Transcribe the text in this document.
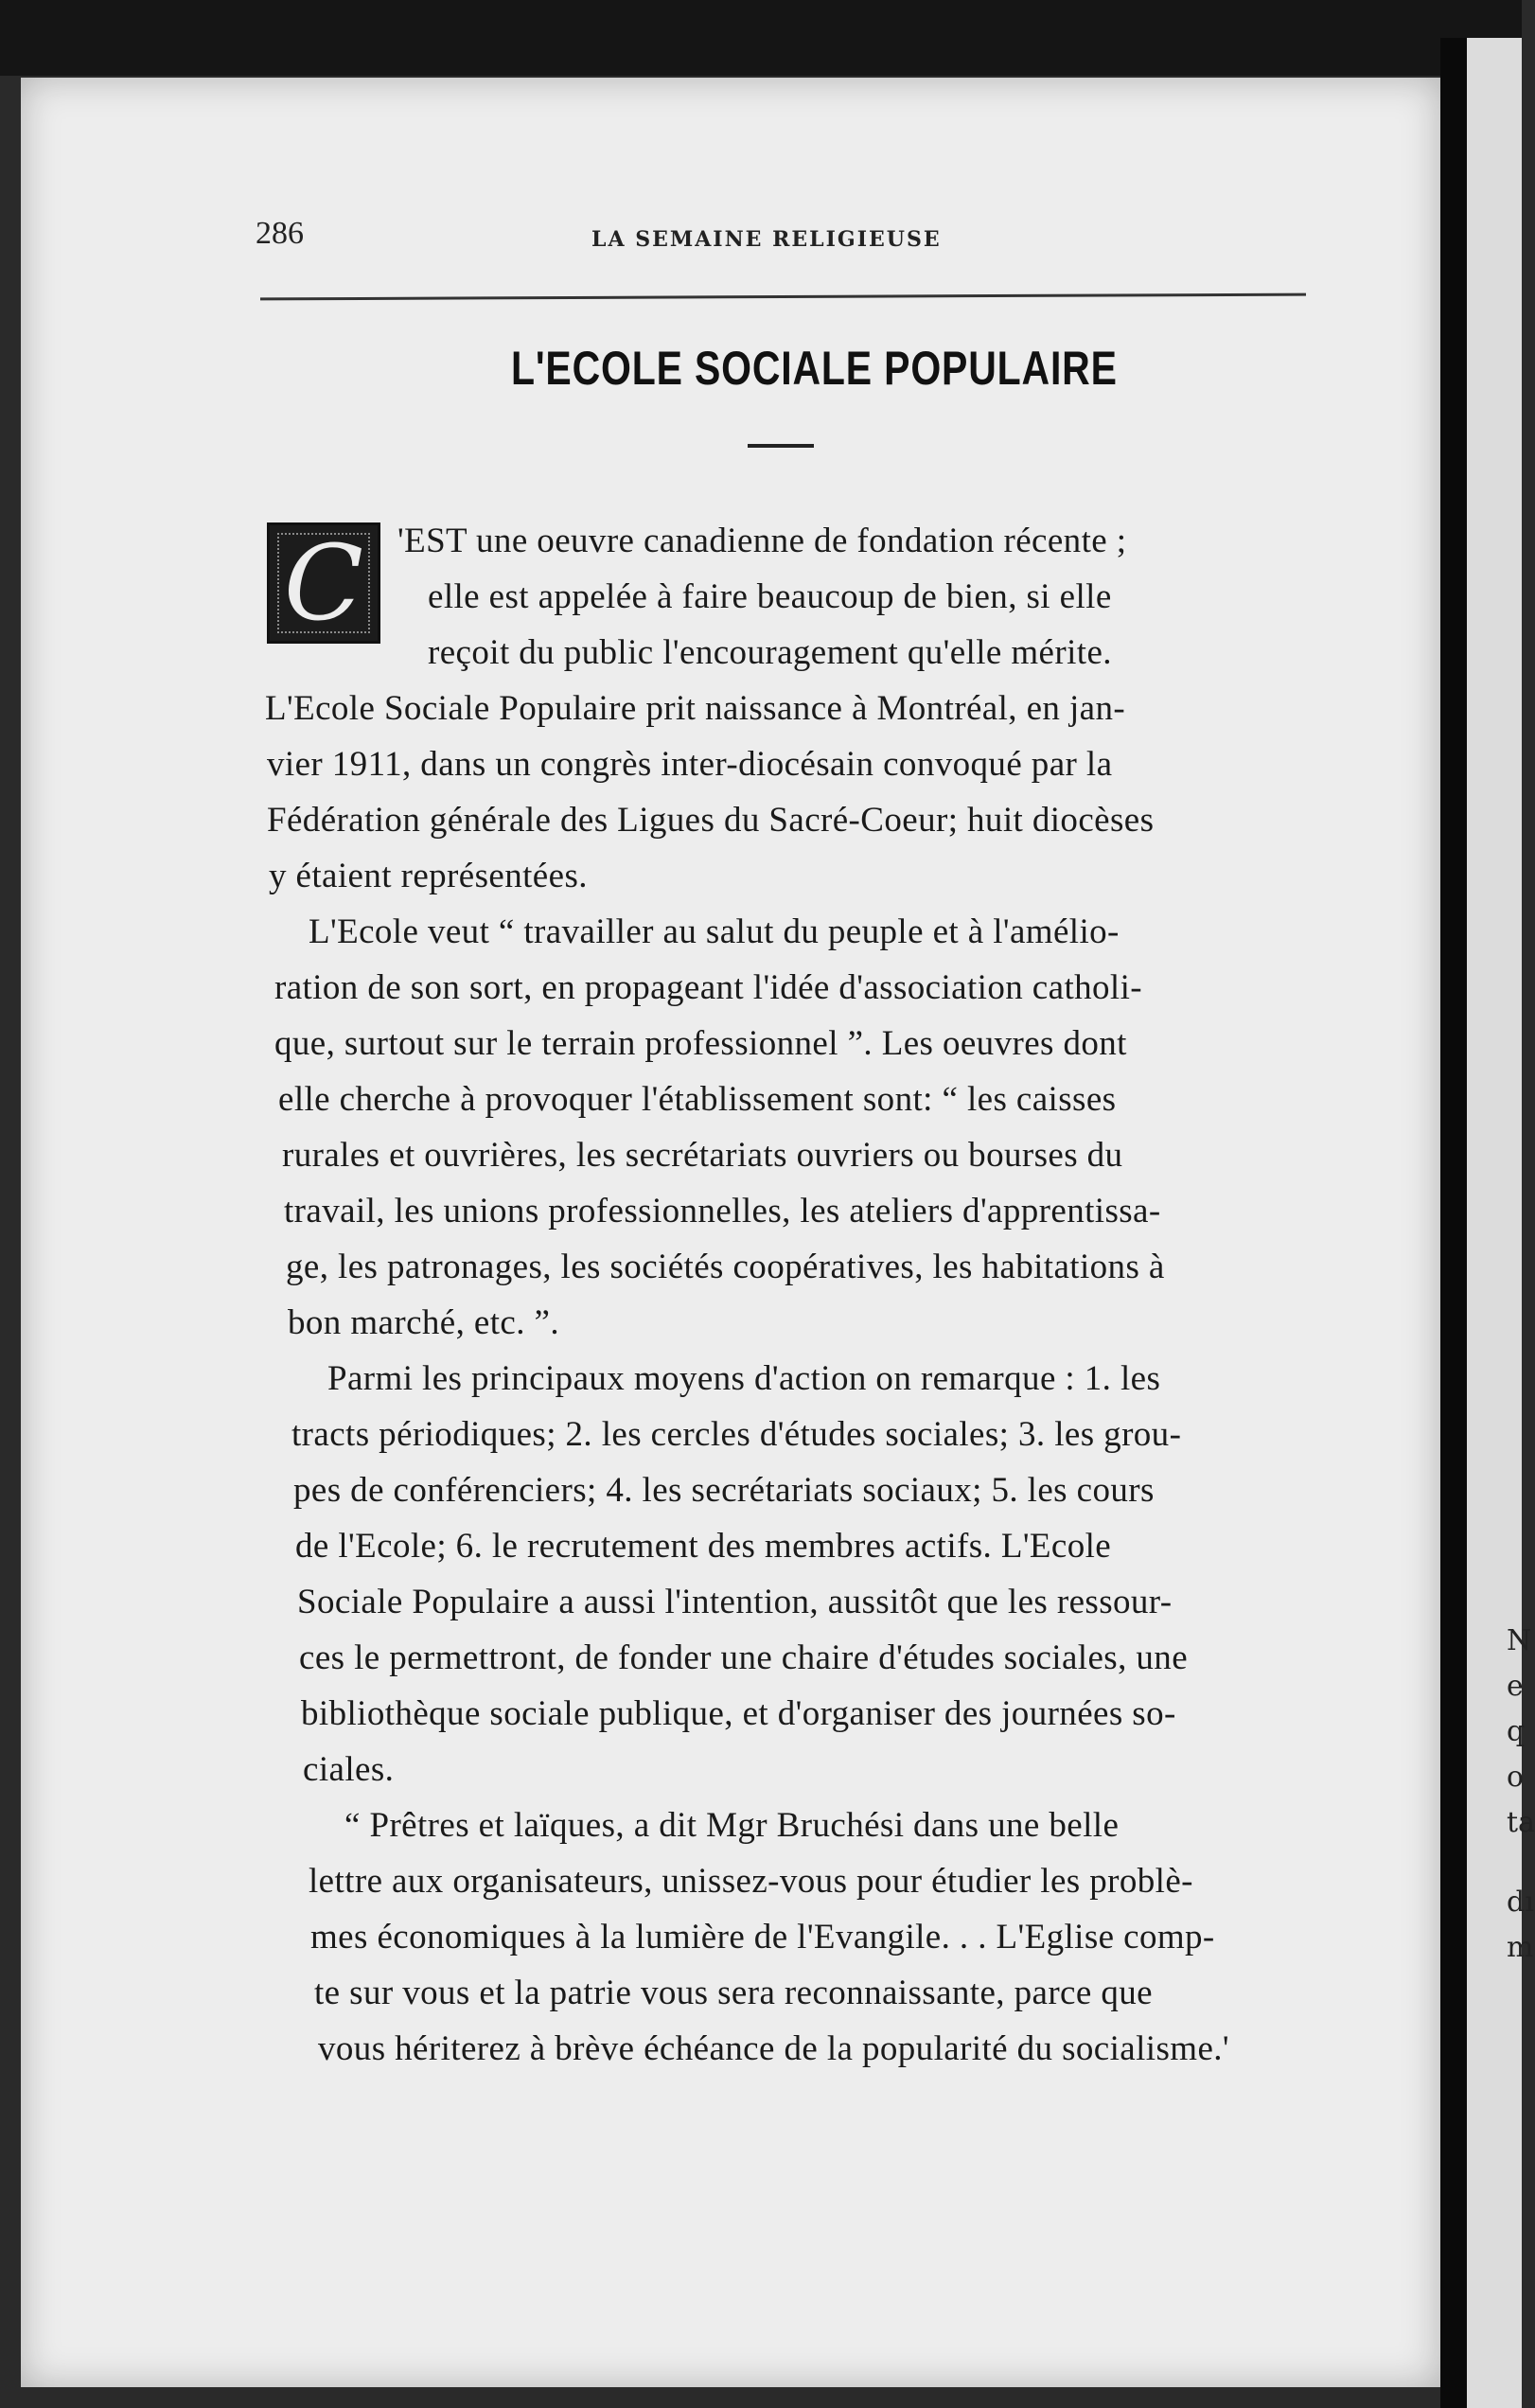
N
e
q
o
ta
dı
m
286	LA SEMAINE RELIGIEUSE
L'ECOLE SOCIALE POPULAIRE
C 'EST une oeuvre canadienne de fondation récente ;
elle est appelée à faire beaucoup de bien, si elle
reçoit du public l'encouragement qu'elle mérite.
L'Ecole Sociale Populaire prit naissance à Montréal, en jan-
vier 1911, dans un congrès inter-diocésain convoqué par la
Fédération générale des Ligues du Sacré-Coeur; huit diocèses
y étaient représentées.
L'Ecole veut “ travailler au salut du peuple et à l'amélio-
ration de son sort, en propageant l'idée d'association catholi-
que, surtout sur le terrain professionnel ”. Les oeuvres dont
elle cherche à provoquer l'établissement sont: “ les caisses
rurales et ouvrières, les secrétariats ouvriers ou bourses du
travail, les unions professionnelles, les ateliers d'apprentissa-
ge, les patronages, les sociétés coopératives, les habitations à
bon marché, etc. ”.
Parmi les principaux moyens d'action on remarque : 1. les
tracts périodiques; 2. les cercles d'études sociales; 3. les grou-
pes de conférenciers; 4. les secrétariats sociaux; 5. les cours
de l'Ecole; 6. le recrutement des membres actifs. L'Ecole
Sociale Populaire a aussi l'intention, aussitôt que les ressour-
ces le permettront, de fonder une chaire d'études sociales, une
bibliothèque sociale publique, et d'organiser des journées so-
ciales.
“ Prêtres et laïques, a dit Mgr Bruchési dans une belle
lettre aux organisateurs, unissez-vous pour étudier les problè-
mes économiques à la lumière de l'Evangile. . . L'Eglise comp-
te sur vous et la patrie vous sera reconnaissante, parce que
vous hériterez à brève échéance de la popularité du socialisme.'
